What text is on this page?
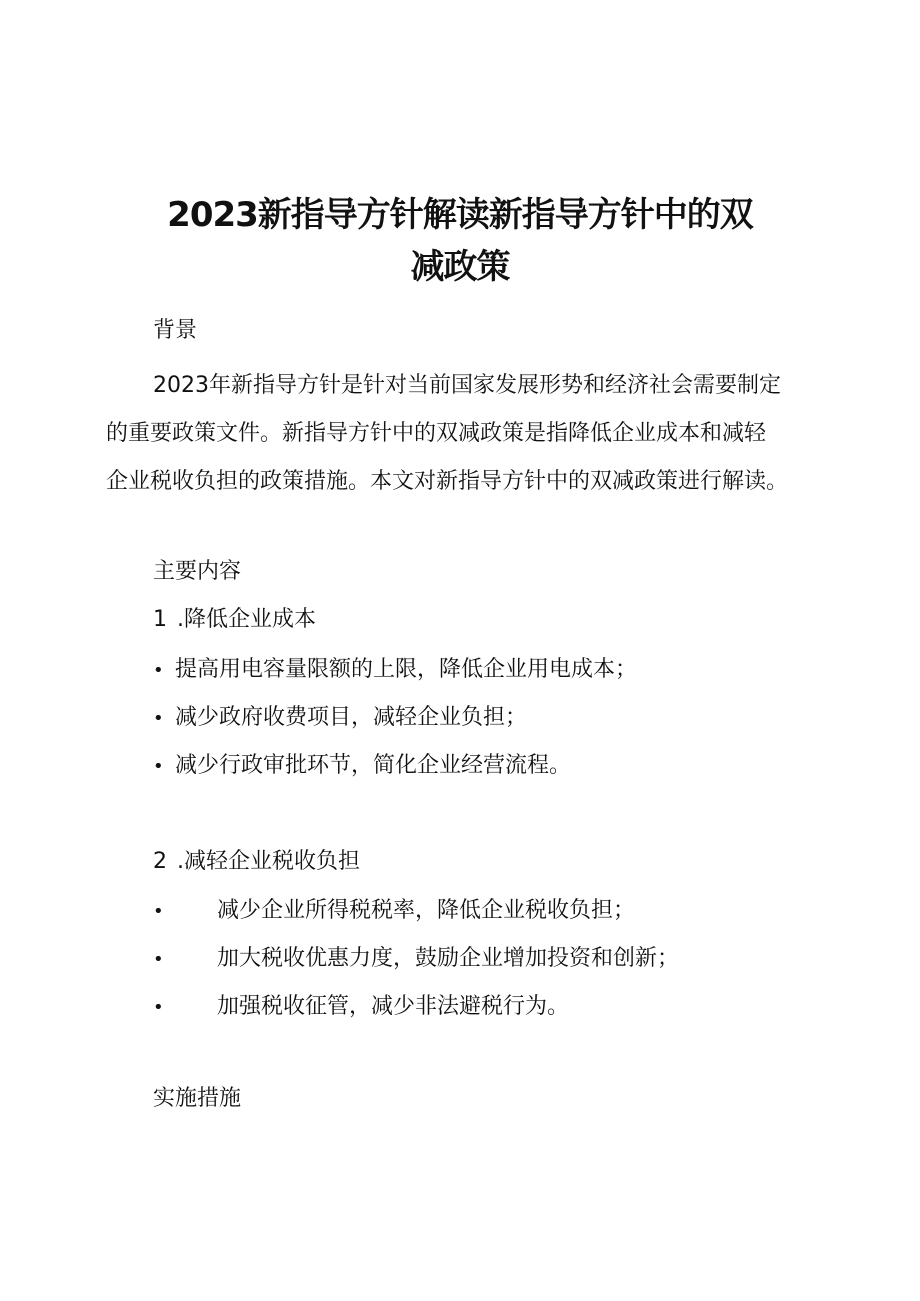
2023新指导方针解读新指导方针中的双
减政策
背景
2023年新指导方针是针对当前国家发展形势和经济社会需要制定
的重要政策文件。新指导方针中的双减政策是指降低企业成本和减轻
企业税收负担的政策措施。本文对新指导方针中的双减政策进行解读。
主要内容
1 .降低企业成本
• 提高用电容量限额的上限，降低企业用电成本；
• 减少政府收费项目，减轻企业负担；
• 减少行政审批环节，简化企业经营流程。
2 .减轻企业税收负担
• 减少企业所得税税率，降低企业税收负担；
• 加大税收优惠力度，鼓励企业增加投资和创新；
• 加强税收征管，减少非法避税行为。
实施措施
